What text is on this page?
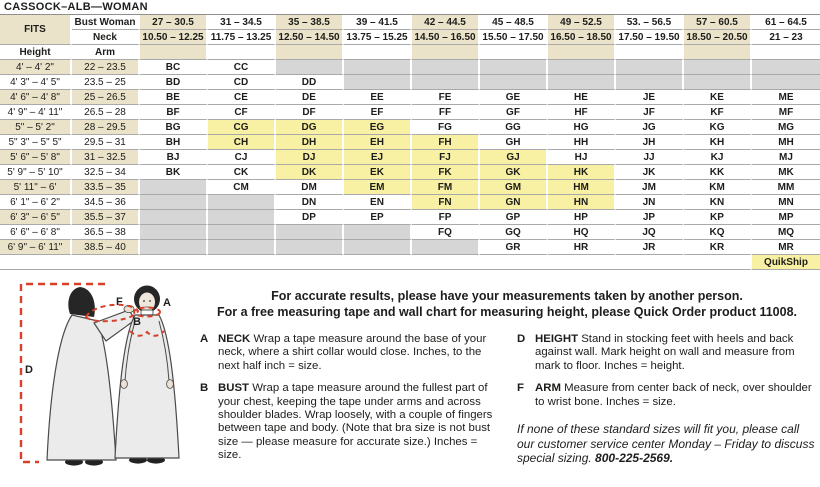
CASSOCK–ALB—WOMAN
FITS	Bust Woman	27 – 30.5	31 – 34.5	35 – 38.5	39 – 41.5	42 – 44.5	45 – 48.5	49 – 52.5	53. – 56.5	57 – 60.5	61 – 64.5
	Neck	10.50 – 12.25	11.75 – 13.25	12.50 – 14.50	13.75 – 15.25	14.50 – 16.50	15.50 – 17.50	16.50 – 18.50	17.50 – 19.50	18.50 – 20.50	21 – 23
Height	Arm										
4' – 4' 2"	22 – 23.5	BC	CC								
4' 3" – 4' 5"	23.5 – 25	BD	CD	DD							
4' 6" – 4' 8"	25 – 26.5	BE	CE	DE	EE	FE	GE	HE	JE	KE	ME
4' 9" – 4' 11"	26.5 – 28	BF	CF	DF	EF	FF	GF	HF	JF	KF	MF
5" – 5' 2"	28 – 29.5	BG	CG	DG	EG	FG	GG	HG	JG	KG	MG
5" 3" – 5" 5"	29.5 – 31	BH	CH	DH	EH	FH	GH	HH	JH	KH	MH
5' 6" – 5' 8"	31 – 32.5	BJ	CJ	DJ	EJ	FJ	GJ	HJ	JJ	KJ	MJ
5' 9" – 5' 10"	32.5 – 34	BK	CK	DK	EK	FK	GK	HK	JK	KK	MK
5' 11" – 6'	33.5 – 35		CM	DM	EM	FM	GM	HM	JM	KM	MM
6' 1" – 6' 2"	34.5 – 36			DN	EN	FN	GN	HN	JN	KN	MN
6' 3" – 6' 5"	35.5 – 37			DP	EP	FP	GP	HP	JP	KP	MP
6' 6" – 6' 8"	36.5 – 38					FQ	GQ	HQ	JQ	KQ	MQ
6' 9" – 6' 11"	38.5 – 40						GR	HR	JR	KR	MR
											QuikShip
D
F	A
B
For accurate results, please have your measurements taken by another person.
For a free measuring tape and wall chart for measuring height, please Quick Order product 11008.
A NECK Wrap a tape measure around the base of your neck, where a shirt collar would close. Inches, to the next half inch = size.
B BUST Wrap a tape measure around the fullest part of your chest, keeping the tape under arms and across shoulder blades. Wrap loosely, with a couple of fingers between tape and body. (Note that bra size is not bust size — please measure for accurate size.) Inches = size.
D HEIGHT Stand in stocking feet with heels and back against wall. Mark height on wall and measure from mark to floor. Inches = height.
F ARM Measure from center back of neck, over shoulder to wrist bone. Inches = size.
If none of these standard sizes will fit you, please call our customer service center Monday – Friday to discuss special sizing. 800-225-2569.
